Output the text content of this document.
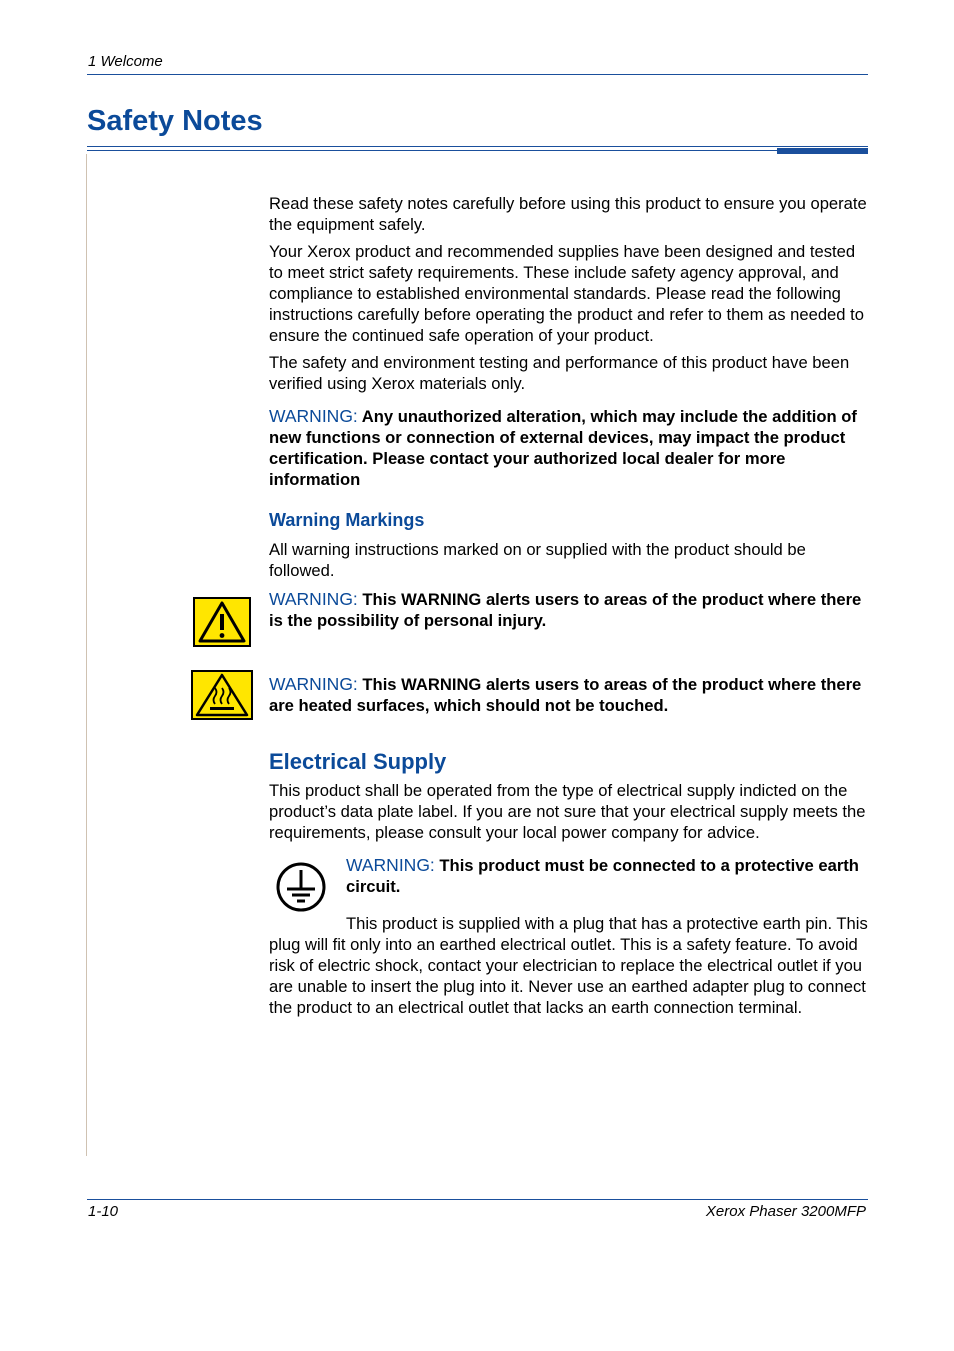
1 Welcome
Safety Notes

Read these safety notes carefully before using this product to ensure you operate the equipment safely.

Your Xerox product and recommended supplies have been designed and tested to meet strict safety requirements. These include safety agency approval, and compliance to established environmental standards. Please read the following instructions carefully before operating the product and refer to them as needed to ensure the continued safe operation of your product.

The safety and environment testing and performance of this product have been verified using Xerox materials only.

WARNING: Any unauthorized alteration, which may include the addition of new functions or connection of external devices, may impact the product certification. Please contact your authorized local dealer for more information
Warning Markings

All warning instructions marked on or supplied with the product should be followed.

WARNING: This WARNING alerts users to areas of the product where there is the possibility of personal injury.
WARNING: This WARNING alerts users to areas of the product where there are heated surfaces, which should not be touched.
Electrical Supply

This product shall be operated from the type of electrical supply indicted on the product’s data plate label. If you are not sure that your electrical supply meets the requirements, please consult your local power company for advice.

WARNING: This product must be connected to a protective earth circuit.

This product is supplied with a plug that has a protective earth pin. This plug will fit only into an earthed electrical outlet. This is a safety feature. To avoid risk of electric shock, contact your electrician to replace the electrical outlet if you are unable to insert the plug into it. Never use an earthed adapter plug to connect the product to an electrical outlet that lacks an earth connection terminal.

1-10	Xerox Phaser 3200MFP
